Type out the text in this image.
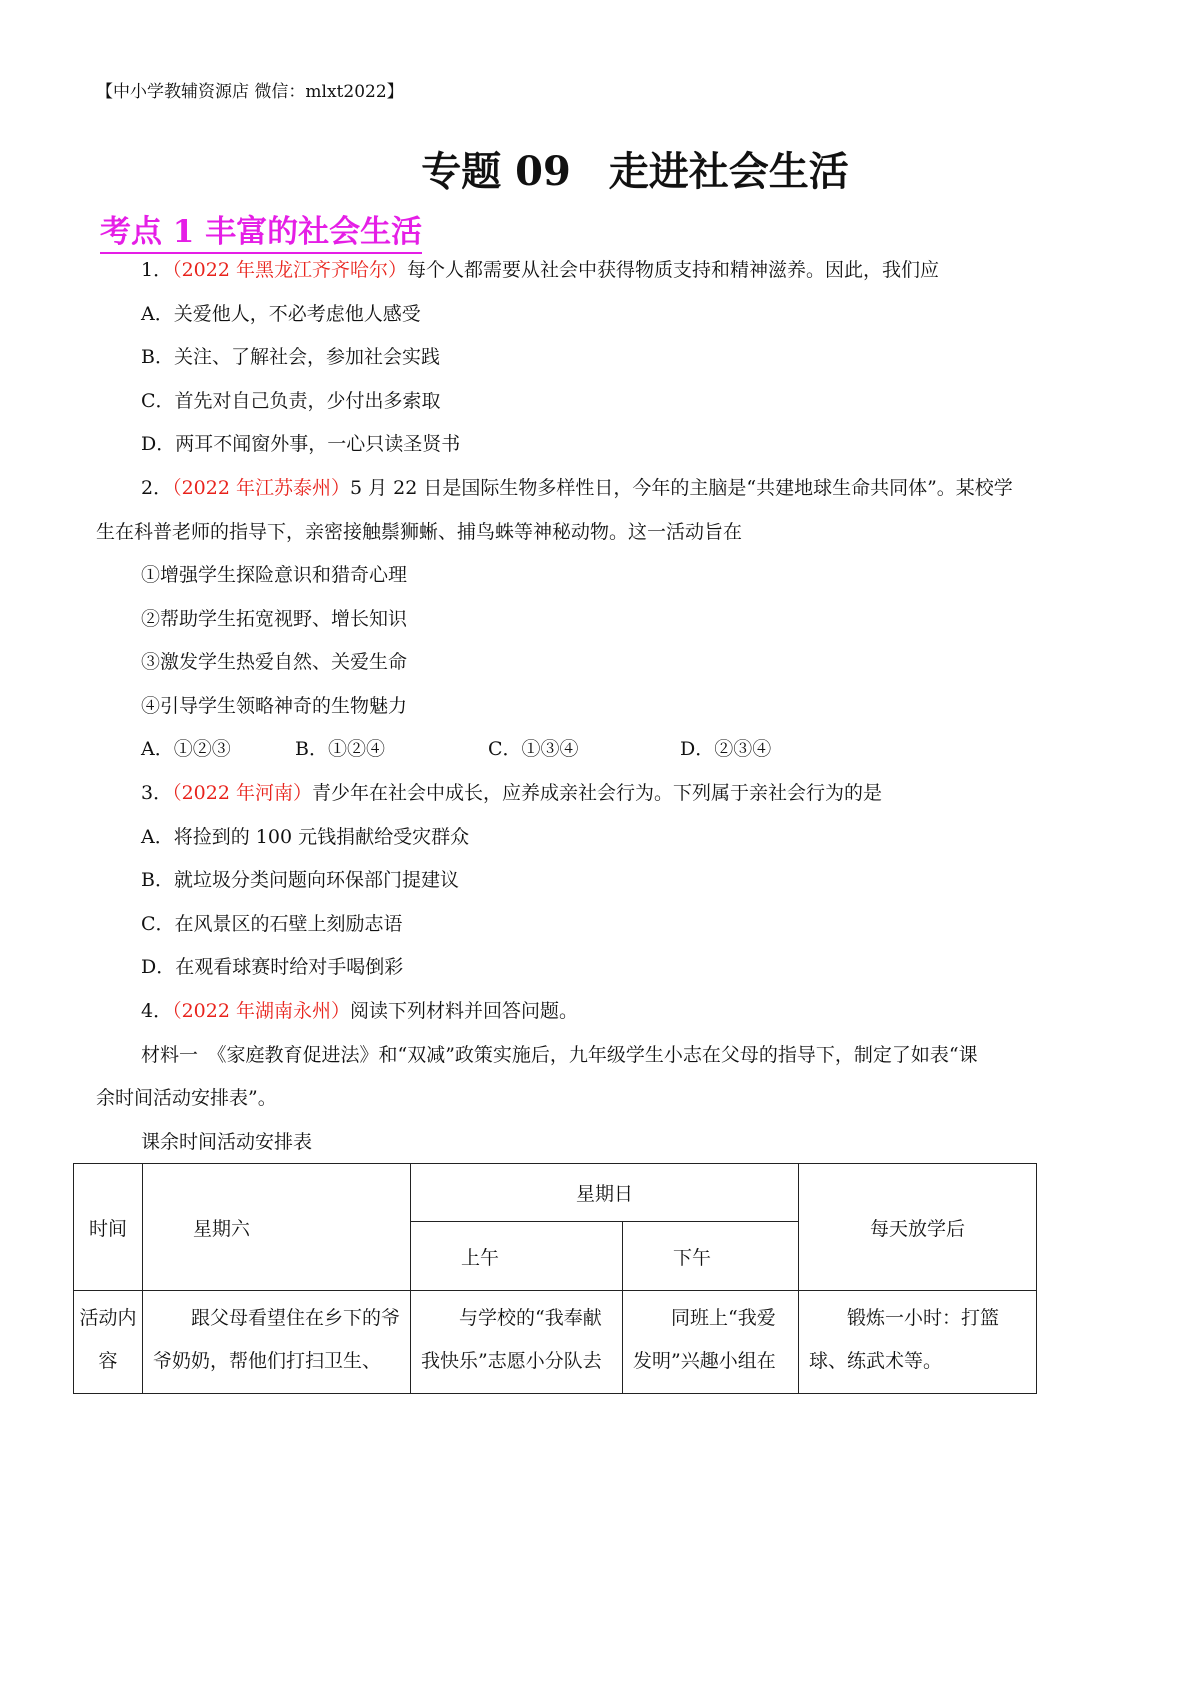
【中小学教辅资源店 微信：mlxt2022】
专题 09 走进社会生活
考点 1 丰富的社会生活
1．（2022 年黑龙江齐齐哈尔）每个人都需要从社会中获得物质支持和精神滋养。因此，我们应
A．关爱他人，不必考虑他人感受
B．关注、了解社会，参加社会实践
C．首先对自己负责，少付出多索取
D．两耳不闻窗外事，一心只读圣贤书
2．（2022 年江苏泰州）5 月 22 日是国际生物多样性日，今年的主脑是“共建地球生命共同体”。某校学
生在科普老师的指导下，亲密接触鬃狮蜥、捕鸟蛛等神秘动物。这一活动旨在
①增强学生探险意识和猎奇心理
②帮助学生拓宽视野、增长知识
③激发学生热爱自然、关爱生命
④引导学生领略神奇的生物魅力
A．①②③	B．①②④	C．①③④	D．②③④
3．（2022 年河南）青少年在社会中成长，应养成亲社会行为。下列属于亲社会行为的是
A．将捡到的 100 元钱捐献给受灾群众
B．就垃圾分类问题向环保部门提建议
C．在风景区的石壁上刻励志语
D．在观看球赛时给对手喝倒彩
4．（2022 年湖南永州）阅读下列材料并回答问题。
材料一　《家庭教育促进法》和“双减”政策实施后，九年级学生小志在父母的指导下，制定了如表“课
余时间活动安排表”。
课余时间活动安排表
时间	星期六	星期日		每天放学后
		上午	下午	
活动内容	跟父母看望住在乡下的爷爷奶奶，帮他们打扫卫生、	与学校的“我奉献我快乐”志愿小分队去	同班上“我爱发明”兴趣小组在	锻炼一小时：打篮球、练武术等。
